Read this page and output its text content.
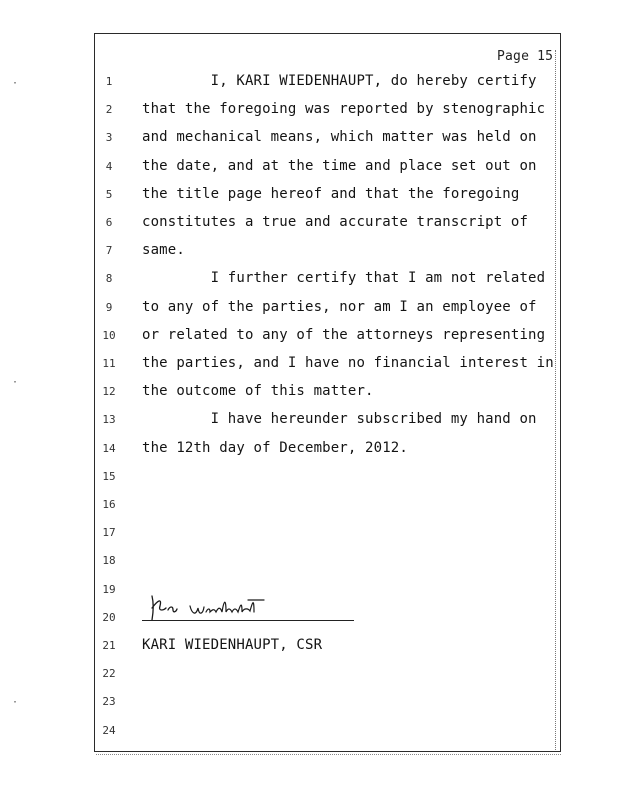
·
·
·
Page 15
1	I, KARI WIEDENHAUPT, do hereby certify
2	that the foregoing was reported by stenographic
3	and mechanical means, which matter was held on
4	the date, and at the time and place set out on
5	the title page hereof and that the foregoing
6	constitutes a true and accurate transcript of
7	same.
8	I further certify that I am not related
9	to any of the parties, nor am I an employee of
10	or related to any of the attorneys representing
11	the parties, and I have no financial interest in
12	the outcome of this matter.
13	I have hereunder subscribed my hand on
14	the 12th day of December, 2012.
15
16
17
18
19
20
21	KARI WIEDENHAUPT, CSR
22
23
24
